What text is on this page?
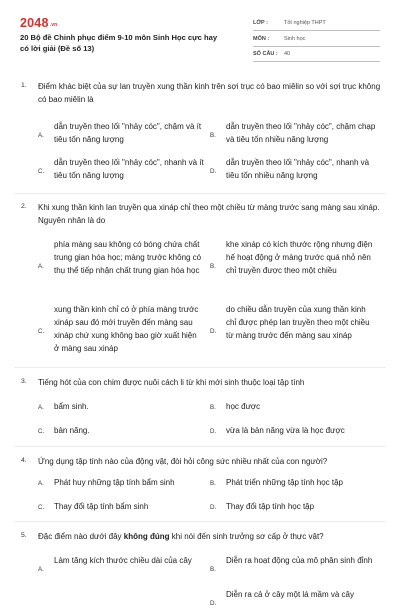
2048.vn
20 Bộ đề Chinh phục điểm 9-10 môn Sinh Học cực hay có lời giải (Đề số 13)
LỚP :	Tốt nghiệp THPT
MÔN :	Sinh học
SỐ CÂU :	40
1. Điểm khác biệt của sự lan truyền xung thần kinh trên sợi trục có bao miêlin so với sợi trục không có bao miêlin là
A.
dẫn truyền theo lối "nhảy cóc", chậm và ít tiêu tốn năng lượng	B.
dẫn truyền theo lối "nhảy cóc", chậm chạp và tiêu tốn nhiều năng lượng
C.
dẫn truyền theo lối "nhảy cóc", nhanh và ít tiêu tốn năng lượng	D.
dẫn truyền theo lối "nhảy cóc", nhanh và tiêu tốn nhiều năng lượng
2. Khi xung thần kinh lan truyền qua xináp chỉ theo một chiều từ màng trước sang màng sau xináp. Nguyên nhân là do
A.
phía màng sau không có bóng chứa chất trung gian hóa học; màng trước không có thụ thể tiếp nhận chất trung gian hóa học	B.
khe xináp có kích thước rộng nhưng điện hế hoạt động ở màng trước quá nhỏ nên chỉ truyền được theo một chiều
C.
xung thần kinh chỉ có ở phía màng trước xináp sau đó mới truyền đến màng sau xináp chứ xung không bao giờ xuất hiện ở màng sau xináp
D.
do chiều dẫn truyền của xung thần kinh chỉ được phép lan truyền theo một chiều từ màng trước đến màng sau xináp
3. Tiếng hót của con chim được nuôi cách li từ khi mới sinh thuộc loại tập tính
A. bẩm sinh.	B. học được
C. bản năng.	D. vừa là bản năng vừa là học được
4. Ứng dụng tập tính nào của động vật, đòi hỏi công sức nhiều nhất của con người?
A. Phát huy những tập tính bẩm sinh	B. Phát triển những tập tính học tập
C. Thay đổi tập tính bẩm sinh	D. Thay đổi tập tính học tập
5. Đặc điểm nào dưới đây không đúng khi nói đến sinh trưởng sơ cấp ở thực vật?
A.
Làm tăng kích thước chiều dài của cây
B.
Diễn ra hoạt động của mô phân sinh đỉnh
D.
Diễn ra cả ở cây một lá mầm và cây
